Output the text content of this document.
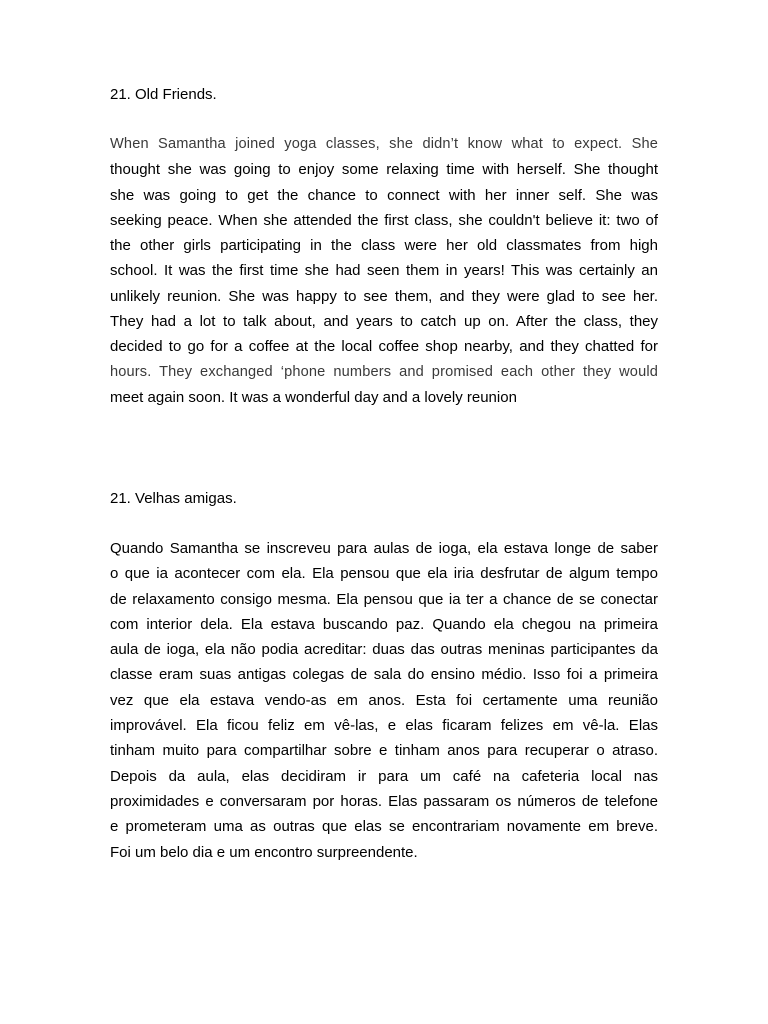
21. Old Friends.
When Samantha joined yoga classes, she didn’t know what to expect. She
thought she was going to enjoy some relaxing time with herself. She thought
she was going to get the chance to connect with her inner self. She was
seeking peace. When she attended the first class, she couldn't believe it: two of
the other girls participating in the class were her old classmates from high
school. It was the first time she had seen them in years! This was certainly an
unlikely reunion. She was happy to see them, and they were glad to see her.
They had a lot to talk about, and years to catch up on. After the class, they
decided to go for a coffee at the local coffee shop nearby, and they chatted for
hours. They exchanged ‘phone numbers and promised each other they would
meet again soon. It was a wonderful day and a lovely reunion
21. Velhas amigas.
Quando Samantha se inscreveu para aulas de ioga, ela estava longe de saber
o que ia acontecer com ela. Ela pensou que ela iria desfrutar de algum tempo
de relaxamento consigo mesma. Ela pensou que ia ter a chance de se conectar
com interior dela. Ela estava buscando paz. Quando ela chegou na primeira
aula de ioga, ela não podia acreditar: duas das outras meninas participantes da
classe eram suas antigas colegas de sala do ensino médio. Isso foi a primeira
vez que ela estava vendo-as em anos. Esta foi certamente uma reunião
improvável. Ela ficou feliz em vê-las, e elas ficaram felizes em vê-la. Elas
tinham muito para compartilhar sobre e tinham anos para recuperar o atraso.
Depois da aula, elas decidiram ir para um café na cafeteria local nas
proximidades e conversaram por horas. Elas passaram os números de telefone
e prometeram uma as outras que elas se encontrariam novamente em breve.
Foi um belo dia e um encontro surpreendente.
